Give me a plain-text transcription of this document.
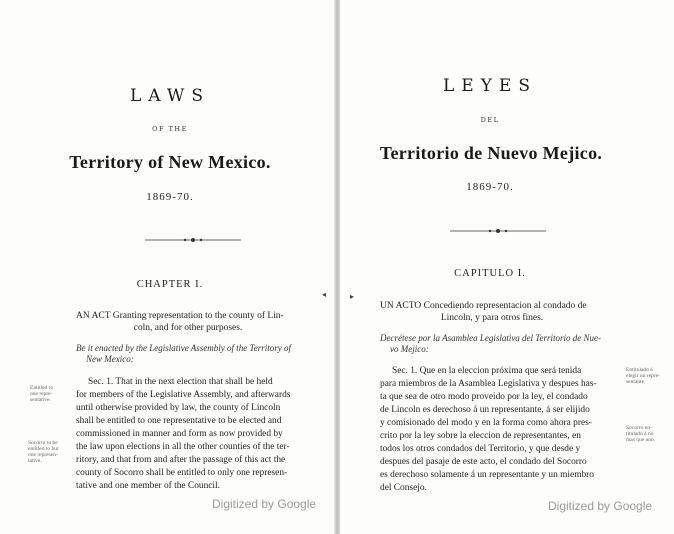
LAWS
OF THE
Territory of New Mexico.
1869-70.
CHAPTER I.
AN ACT Granting representation to the county of Lin-
coln, and for other purposes.
Be it enacted by the Legislative Assembly of the Territory of
New Mexico:
Entitled to
one repre-
sentative.
Socorro to be
entitled to but
one represen-
tative.
Sec. 1. That in the next election that shall be held
for members of the Legislative Assembly, and afterwards
until otherwise provided by law, the county of Lincoln
shall be entitled to one representative to be elected and
commissioned in manner and form as now provided by
the law upon elections in all the other counties of the ter-
ritory, and that from and after the passage of this act the
county of Socorro shall be entitled to only one represen-
tative and one member of the Council.
◂
Digitized by Google
LEYES
DEL
Territorio de Nuevo Mejico.
1869-70.
CAPITULO I.
UN ACTO Concediendo representacion al condado de
Lincoln, y para otros fines.
Decrétese por la Asamblea Legislativa del Territorio de Nue-
vo Mejico:
Sec. 1. Que en la eleccion próxima que será tenida
para miembros de la Asamblea Legislativa y despues has-
ta que sea de otro modo proveido por la ley, el condado
de Lincoln es derechoso á un representante, á ser elijido
y comisionado del modo y en la forma como ahora pres-
crito por la ley sobre la eleccion de representantes, en
todos los otros condados del Territorio, y que desde y
despues del pasaje de este acto, el condado del Socorro
es derechoso solamente á un representante y un miembro
del Consejo.
Entitulado á
elegir un repre-
sentante.
Socorro en-
titulado á no
mas que uno.
▸
Digitized by Google
